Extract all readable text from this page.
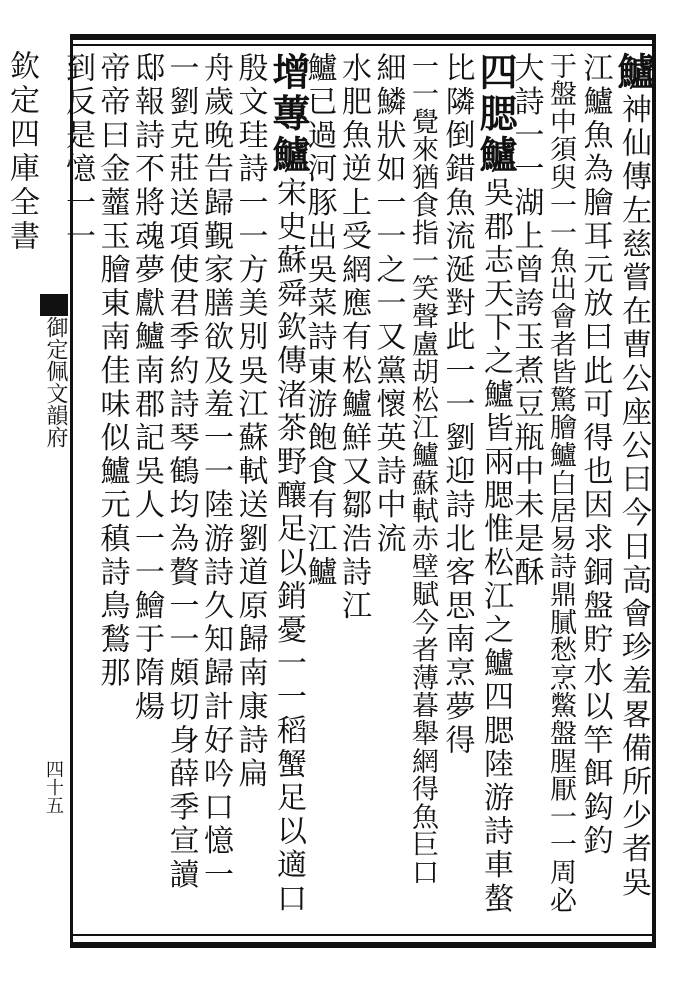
欽定四庫全書
御定佩文韻府
四十五
鱸神仙傳左慈嘗在曹公座公曰今日高會珍羞畧備所少者吳
江鱸魚為膾耳元放曰此可得也因求銅盤貯水以竿餌鈎釣
于盤中須臾一一魚出會者皆驚膾鱸白居易詩鼎膩愁烹鱉盤腥厭一一周必
大詩一一湖上曾誇玉煮豆瓶中未是酥
四腮鱸吳郡志天下之鱸皆兩腮惟松江之鱸四腮陸游詩車螯
比隣倒錯魚流涎對此一一劉迎詩北客思南烹夢得
一一覺來猶食指一笑聲盧胡松江鱸蘇軾赤壁賦今者薄暮舉網得魚巨口
細鱗狀如一一之一又黨懷英詩中流
水肥魚逆上受網應有松鱸鮮又鄒浩詩江
鱸已過河豚出吳菜詩東游飽食有江鱸
增蓴鱸宋史蘇舜欽傳渚茶野釀足以銷憂一一稻蟹足以適口
殷文珪詩一一方美別吳江蘇軾送劉道原歸南康詩扁
舟歲晚告歸覲家膳欲及羞一一陸游詩久知歸計好吟口憶一
一劉克莊送項使君季約詩琴鶴均為贅一一頗切身薛季宣讀
邸報詩不將魂夢獻鱸南郡記吳人一一鱠于隋煬
帝帝曰金虀玉膾東南佳味似鱸元稹詩鳥鶖那
到反是憶一一
